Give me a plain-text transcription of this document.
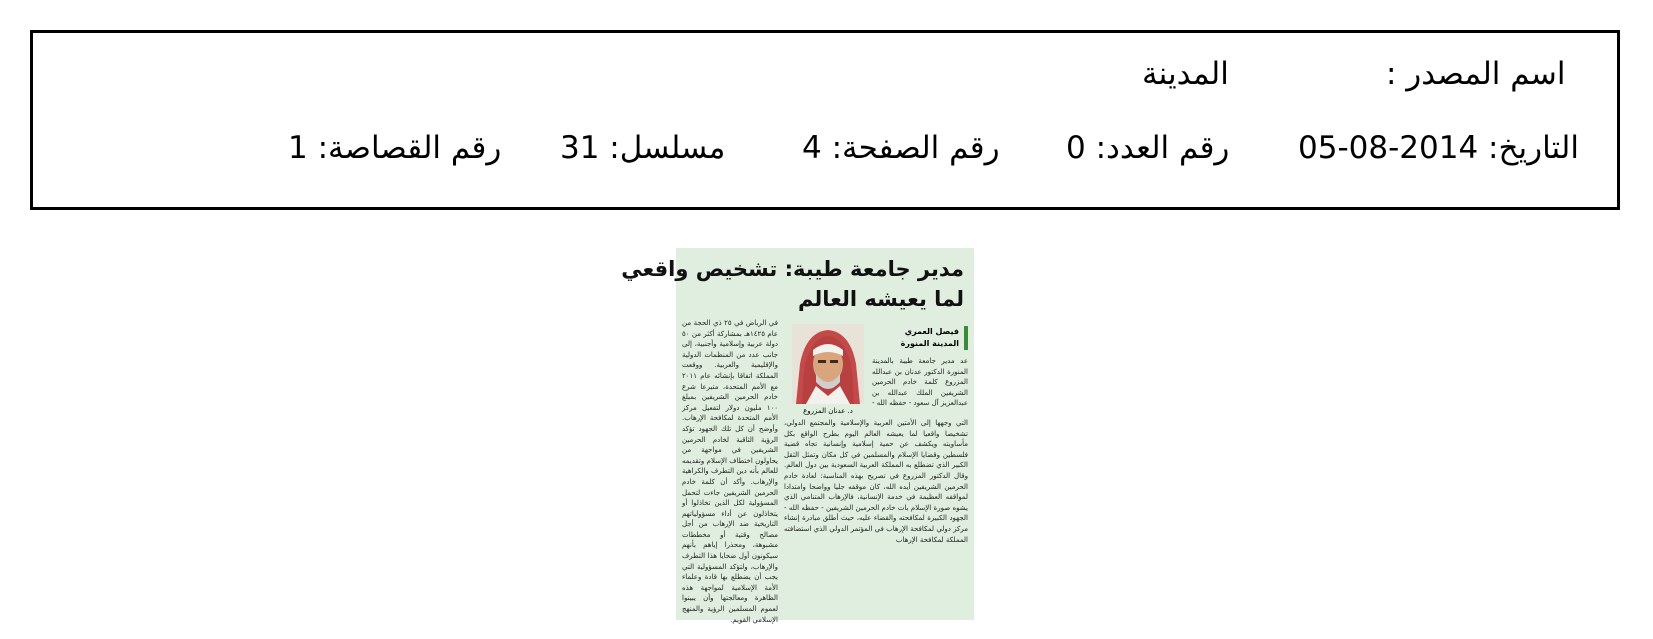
اسم المصدر :
المدينة
التاريخ: 2014-08-05
رقم العدد: 0
رقم الصفحة: 4
مسلسل: 31
رقم القصاصة: 1
مدير جامعة طيبة: تشخيص واقعي
لما يعيشه العالم
فيصل العمري
المدينة المنورة
د. عدنان المزروع
عد مدير جامعة طيبة بالمدينة المنورة الدكتور عدنان بن عبدالله المزروع كلمة خادم الحرمين الشريفين الملك عبدالله بن عبدالعزيز آل سعود - حفظه الله -
التي وجهها إلى الأمتين العربية والإسلامية والمجتمع الدولي، تشخيصا واقعيا لما يعيشه العالم اليوم بطرح الواقع بكل مأساويته ويكشف عن حمية إسلامية وإنسانية تجاه قضية فلسطين وقضايا الإسلام والمسلمين في كل مكان وتمثل الثقل الكبير الذي تضطلع به المملكة العربية السعودية بين دول العالم. وقال الدكتور المزروع في تصريح بهذه المناسبة: لعادة خادم الحرمين الشريفين أيده الله، كان موقفه جليا وواضحا وامتدادا لمواقفه العظيمة في خدمة الإنسانية، فالإرهاب المتنامي الذي يشوه صورة الإسلام بات خادم الحرمين الشريفين - حفظه الله - الجهود الكبيرة لمكافحته والقضاء عليه، حيث أطلق مبادرة إنشاء مركز دولي لمكافحة الإرهاب في المؤتمر الدولي الذي استضافته المملكة لمكافحة الإرهاب
في الرياض في ٢٥ ذي الحجة من عام ١٤٢٥هـ بمشاركة أكثر من ٥٠ دولة عربية وإسلامية وأجنبية، إلى جانب عدد من المنظمات الدولية والإقليمية والعربية. ووقعت المملكة اتفاقا بإنشائه عام ٢٠١١ مع الأمم المتحدة، متبرعا شرع خادم الحرمين الشريفين بمبلغ ١٠٠ مليون دولار لتفعيل مركز الأمم المتحدة لمكافحة الإرهاب. وأوضح أن كل تلك الجهود تؤكد الرؤية الثاقبة لخادم الحرمين الشريفين في مواجهة من يحاولون اختطاف الإسلام وتقديمه للعالم بأنه دين التطرف والكراهية والإرهاب. وأكد أن كلمة خادم الحرمين الشريفين جاءت لتحمل المسؤولية لكل الذين تخاذلوا أو يتخاذلون عن أداء مسؤولياتهم التاريخية ضد الإرهاب من أجل مصالح وقتية أو مخططات مشبوهة، ومحذرا إياهم بأنهم سيكونون أول ضحايا هذا التطرف والإرهاب، ولتؤكد المسؤولية التي يجب أن يضطلع بها قادة وعلماء الأمة الإسلامية لمواجهة هذه الظاهرة ومعالجتها وأن يبينوا لعموم المسلمين الرؤية والمنهج الإسلامي القويم.
